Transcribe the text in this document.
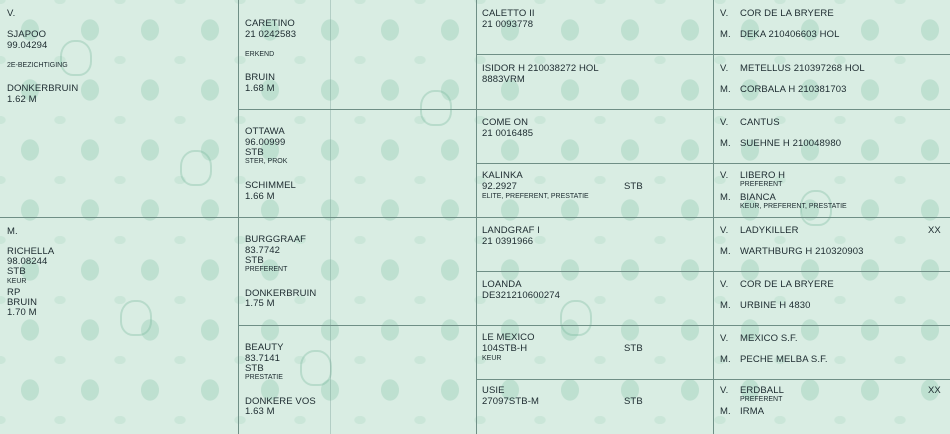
V.
SJAPOO
99.04294
2E-BEZICHTIGING
DONKERBRUIN
1.62 M
M.
RICHELLA
98.08244
STB
KEUR
RP
BRUIN
1.70 M
CARETINO
21 0242583
ERKEND
BRUIN
1.68 M
OTTAWA
96.00999
STB
STER, PROK
SCHIMMEL
1.66 M
BURGGRAAF
83.7742
STB
PREFERENT
DONKERBRUIN
1.75 M
BEAUTY
83.7141
STB
PRESTATIE
DONKERE VOS
1.63 M
CALETTO II
21 0093778
ISIDOR H 210038272 HOL
8883VRM
COME ON
21 0016485
KALINKA
92.2927	STB
ELITE, PREFERENT, PRESTATIE
LANDGRAF I
21 0391966
LOANDA
DE321210600274
LE MEXICO
104STB-H	STB
KEUR
USIE
27097STB-M	STB
V. COR DE LA BRYERE
M. DEKA 210406603 HOL
V. METELLUS 210397268 HOL
M. CORBALA H 210381703
V. CANTUS
M. SUEHNE H 210048980
V. LIBERO H
PREFERENT
M. BIANCA
KEUR, PREFERENT, PRESTATIE
V. LADYKILLER	XX
M. WARTHBURG H 210320903
V. COR DE LA BRYERE
M. URBINE H 4830
V. MEXICO S.F.
M. PECHE MELBA S.F.
V. ERDBALL	XX
PREFERENT
M. IRMA
